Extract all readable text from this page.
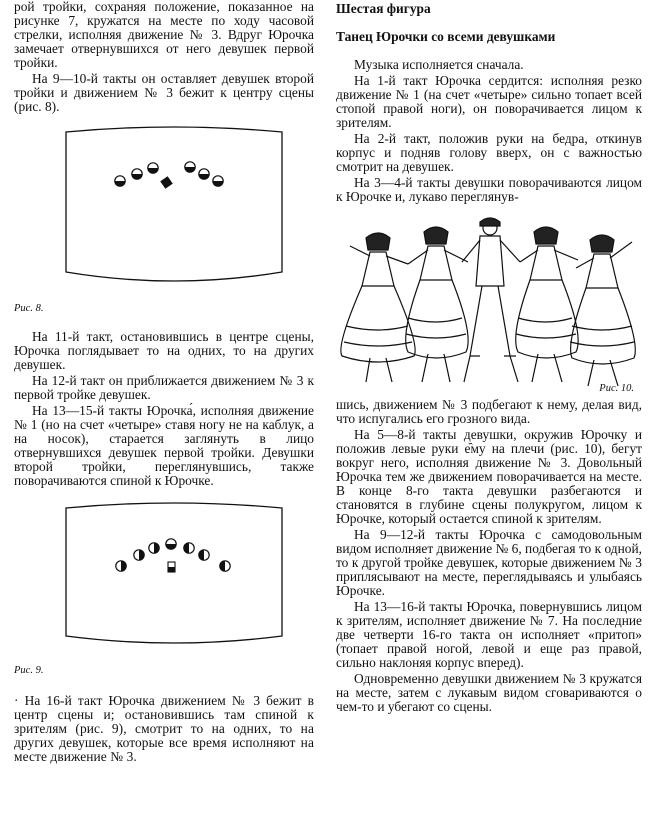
рой тройки, сохраняя положение, показанное на рисунке 7, кружатся на месте по ходу часовой стрелки, исполняя движение № 3. Вдруг Юрочка замечает отвернувшихся от него девушек первой тройки.

На 9—10-й такты он оставляет девушек второй тройки и движением № 3 бежит к центру сцены (рис. 8).

Рис. 8.

На 11-й такт, остановившись в центре сцены, Юрочка поглядывает то на одних, то на других девушек.

На 12-й такт он приближается движением № 3 к первой тройке девушек.

На 13—15-й такты Юрочка́, исполняя движение № 1 (но на счет «четыре» ставя ногу не на каблук, а на носок), старается заглянуть в лицо отвернувшихся девушек первой тройки. Девушки второй тройки, переглянувшись, также поворачиваются спиной к Юрочке.

Рис. 9.

· На 16-й такт Юрочка движением № 3 бежит в центр сцены и; остановившись там спиной к зрителям (рис. 9), смотрит то на одних, то на других девушек, которые все время исполняют на месте движение № 3.

Шестая фигура

Танец Юрочки со всеми девушками

Музыка исполняется сначала.

На 1-й такт Юрочка сердится: исполняя резко движение № 1 (на счет «четыре» сильно топает всей стопой правой ноги), он поворачивается лицом к зрителям.

На 2-й такт, положив руки на бедра, откинув корпус и подняв голову вверх, он с важностью смотрит на девушек.

На 3—4-й такты девушки поворачиваются лицом к Юрочке и, лукаво переглянув-

Рис. 10.

шись, движением № 3 подбегают к нему, делая вид, что испугались его грозного вида.

На 5—8-й такты девушки, окружив Юрочку и положив левые руки е᷈му на плечи (рис. 10), бегут вокруг него, исполняя движение № 3. Довольный Юрочка тем же движением поворачивается на месте. В конце 8-го такта девушки разбегаются и становятся в глубине сцены полукругом, лицом к Юрочке, который остается спиной к зрителям.

На 9—12-й такты Юрочка с самодовольным видом исполняет движение № 6, подбегая то к одной, то к другой тройке девушек, которые движением № 3 приплясывают на месте, переглядываясь и улыбаясь Юрочке.

На 13—16-й такты Юрочка, повернувшись лицом к зрителям, исполняет движение № 7. На последние две четверти 16-го такта он исполняет «притоп» (топает правой ногой, левой и еще раз правой, сильно наклоняя корпус вперед).

Одновременно девушки движением № 3 кружатся на месте, затем с лукавым видом сговариваются о чем-то и убегают со сцены.
